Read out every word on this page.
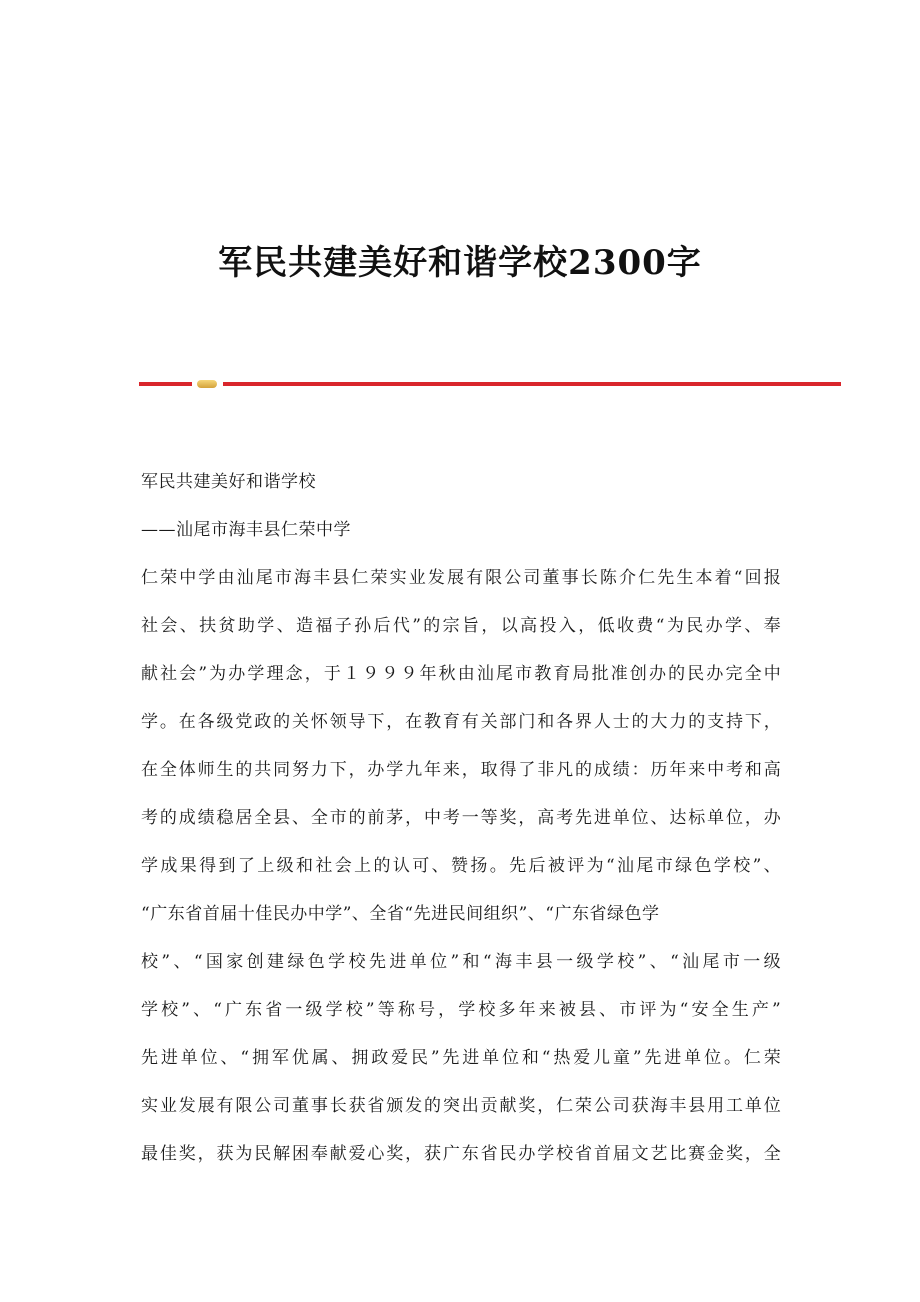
军民共建美好和谐学校2300字
军民共建美好和谐学校
——汕尾市海丰县仁荣中学
仁荣中学由汕尾市海丰县仁荣实业发展有限公司董事长陈介仁先生本着“回报
社会、扶贫助学、造福子孙后代”的宗旨，以高投入，低收费“为民办学、奉
献社会”为办学理念，于１９９９年秋由汕尾市教育局批准创办的民办完全中
学。在各级党政的关怀领导下，在教育有关部门和各界人士的大力的支持下，
在全体师生的共同努力下，办学九年来，取得了非凡的成绩：历年来中考和高
考的成绩稳居全县、全市的前茅，中考一等奖，高考先进单位、达标单位，办
学成果得到了上级和社会上的认可、赞扬。先后被评为“汕尾市绿色学校”、
“广东省首届十佳民办中学”、全省“先进民间组织”、“广东省绿色学
校”、“国家创建绿色学校先进单位”和“海丰县一级学校”、“汕尾市一级
学校”、“广东省一级学校”等称号，学校多年来被县、市评为“安全生产”
先进单位、“拥军优属、拥政爱民”先进单位和“热爱儿童”先进单位。仁荣
实业发展有限公司董事长获省颁发的突出贡献奖，仁荣公司获海丰县用工单位
最佳奖，获为民解困奉献爱心奖，获广东省民办学校省首届文艺比赛金奖，全
